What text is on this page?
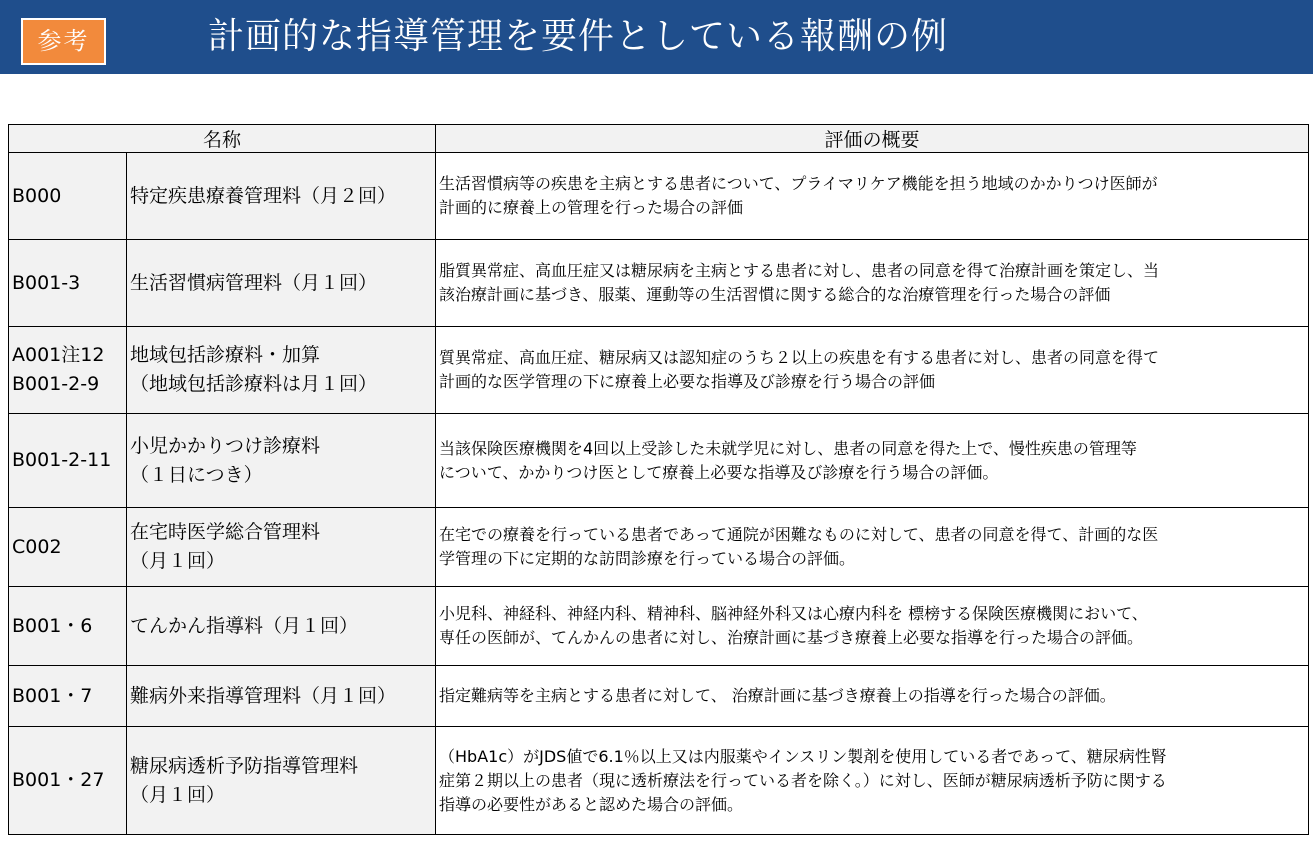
参考	計画的な指導管理を要件としている報酬の例
名称		評価の概要

B000	特定疾患療養管理料（月２回）	生活習慣病等の疾患を主病とする患者について、プライマリケア機能を担う地域のかかりつけ医師が
計画的に療養上の管理を行った場合の評価

B001-3	生活習慣病管理料（月１回）	脂質異常症、高血圧症又は糖尿病を主病とする患者に対し、患者の同意を得て治療計画を策定し、当
該治療計画に基づき、服薬、運動等の生活習慣に関する総合的な治療管理を行った場合の評価

A001注12
B001-2-9	地域包括診療料・加算
（地域包括診療料は月１回）	質異常症、高血圧症、糖尿病又は認知症のうち２以上の疾患を有する患者に対し、患者の同意を得て
計画的な医学管理の下に療養上必要な指導及び診療を行う場合の評価

B001-2-11	小児かかりつけ診療料
（１日につき）	当該保険医療機関を4回以上受診した未就学児に対し、患者の同意を得た上で、慢性疾患の管理等
について、かかりつけ医として療養上必要な指導及び診療を行う場合の評価。

C002	在宅時医学総合管理料
（月１回）	在宅での療養を行っている患者であって通院が困難なものに対して、患者の同意を得て、計画的な医
学管理の下に定期的な訪問診療を行っている場合の評価。

B001・6	てんかん指導料（月１回）	小児科、神経科、神経内科、精神科、脳神経外科又は心療内科を 標榜する保険医療機関において、
専任の医師が、てんかんの患者に対し、治療計画に基づき療養上必要な指導を行った場合の評価。

B001・7	難病外来指導管理料（月１回）	指定難病等を主病とする患者に対して、 治療計画に基づき療養上の指導を行った場合の評価。

B001・27	糖尿病透析予防指導管理料
（月１回）	（HbA1c）がJDS値で6.1％以上又は内服薬やインスリン製剤を使用している者であって、糖尿病性腎
症第２期以上の患者（現に透析療法を行っている者を除く。）に対し、医師が糖尿病透析予防に関する
指導の必要性があると認めた場合の評価。
